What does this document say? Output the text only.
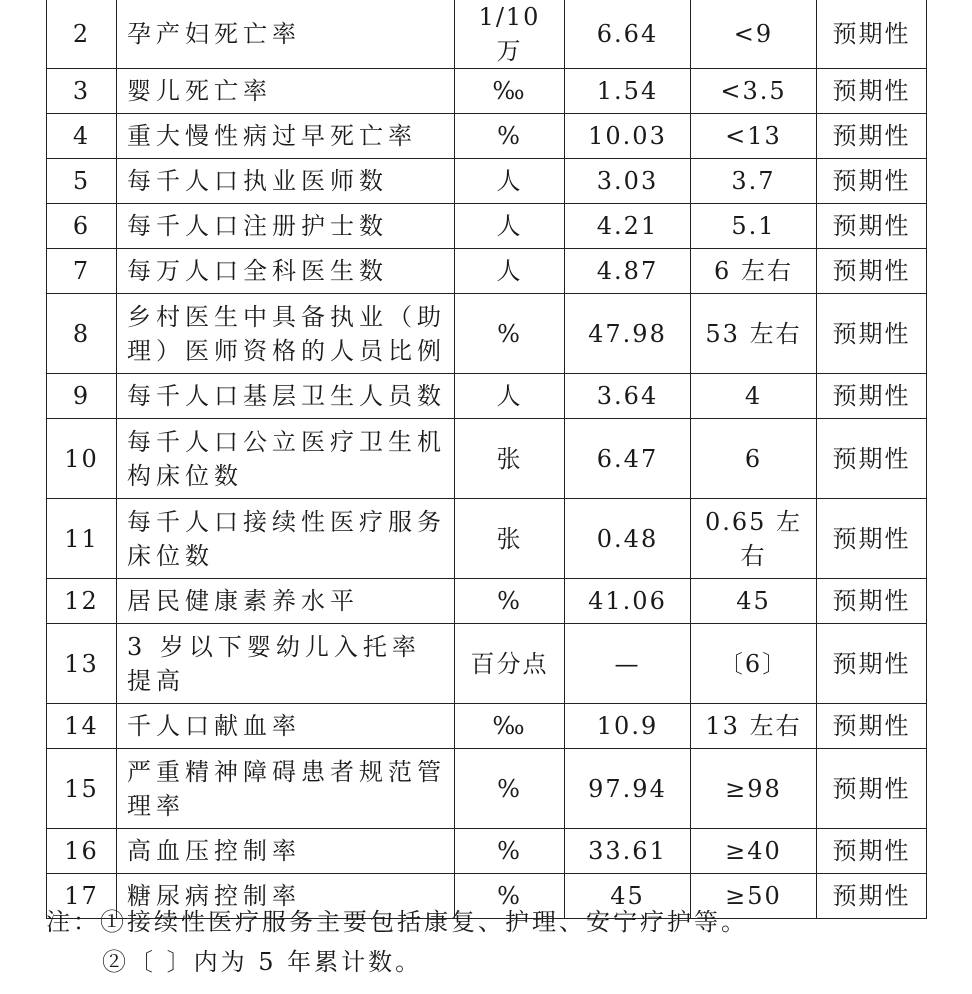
2	孕产妇死亡率	1/10 万	6.64	<9	预期性
3	婴儿死亡率	‰	1.54	<3.5	预期性
4	重大慢性病过早死亡率	%	10.03	<13	预期性
5	每千人口执业医师数	人	3.03	3.7	预期性
6	每千人口注册护士数	人	4.21	5.1	预期性
7	每万人口全科医生数	人	4.87	6 左右	预期性
8	乡村医生中具备执业（助理）医师资格的人员比例	%	47.98	53 左右	预期性
9	每千人口基层卫生人员数	人	3.64	4	预期性
10	每千人口公立医疗卫生机构床位数	张	6.47	6	预期性
11	每千人口接续性医疗服务床位数	张	0.48	0.65 左右	预期性
12	居民健康素养水平	%	41.06	45	预期性
13	3 岁以下婴幼儿入托率提高	百分点	—	〔6〕	预期性
14	千人口献血率	‰	10.9	13 左右	预期性
15	严重精神障碍患者规范管理率	%	97.94	≥98	预期性
16	高血压控制率	%	33.61	≥40	预期性
17	糖尿病控制率	%	45	≥50	预期性
注：①接续性医疗服务主要包括康复、护理、安宁疗护等。
②〔 〕内为 5 年累计数。
